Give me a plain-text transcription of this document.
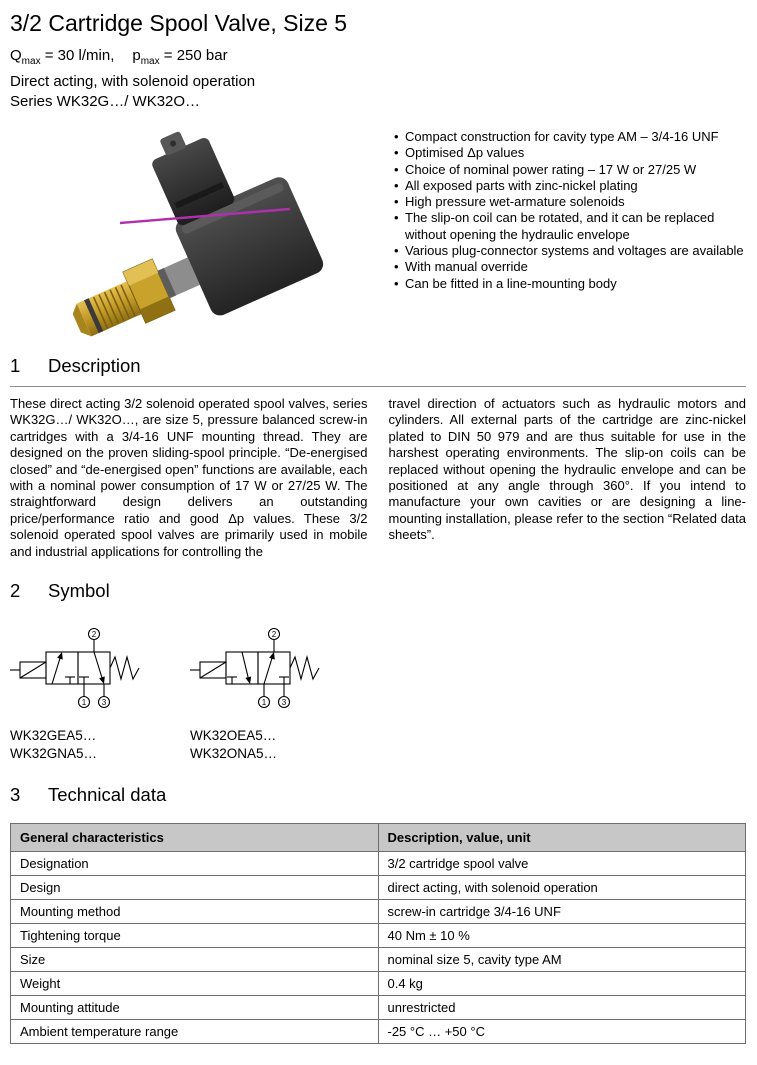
3/2 Cartridge Spool Valve, Size 5
$Q_{max} = 30$ l/min, $p_{max} = 250$ bar
Direct acting, with solenoid operation
Series WK32G…/ WK32O…
• Compact construction for cavity type AM – 3/4-16 UNF
• Optimised Δp values
• Choice of nominal power rating – 17 W or 27/25 W
• All exposed parts with zinc-nickel plating
• High pressure wet-armature solenoids
• The slip-on coil can be rotated, and it can be replaced without opening the hydraulic envelope
• Various plug-connector systems and voltages are available
• With manual override
• Can be fitted in a line-mounting body
1 Description

These direct acting 3/2 solenoid operated spool valves, series WK32G…/ WK32O…, are size 5, pressure balanced screw-in cartridges with a 3/4-16 UNF mounting thread. They are designed on the proven sliding-spool principle. “De-energised closed” and “de-energised open” functions are available, each with a nominal power consumption of 17 W or 27/25 W. The straightforward design delivers an outstanding price/performance ratio and good Δp values. These 3/2 solenoid operated spool valves are primarily used in mobile and industrial applications for controlling the

travel direction of actuators such as hydraulic motors and cylinders. All external parts of the cartridge are zinc-nickel plated to DIN 50 979 and are thus suitable for use in the harshest operating environments. The slip-on coils can be replaced without opening the hydraulic envelope and can be positioned at any angle through 360°. If you intend to manufacture your own cavities or are designing a line-mounting installation, please refer to the section “Related data sheets”.

2 Symbol
2
1 3
WK32GEA5…
WK32GNA5…
2
1 3
WK32OEA5…
WK32ONA5…
3 Technical data
General characteristics	Description, value, unit
Designation	3/2 cartridge spool valve
Design	direct acting, with solenoid operation
Mounting method	screw-in cartridge 3/4-16 UNF
Tightening torque	40 Nm ± 10 %
Size	nominal size 5, cavity type AM
Weight	0.4 kg
Mounting attitude	unrestricted
Ambient temperature range	-25 °C … +50 °C
